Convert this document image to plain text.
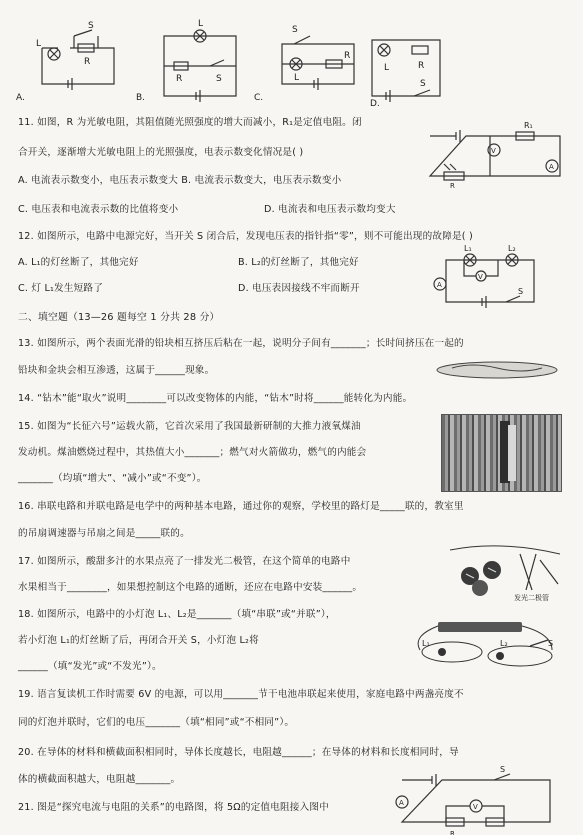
S
L
R
A.
L
R	S
B.
S
L
R
C.
L	R
S
D.
11. 如图，R 为光敏电阻，其阻值随光照强度的增大而减小，R₁是定值电阻。闭
合开关，逐渐增大光敏电阻上的光照强度，电表示数变化情况是( )
A. 电流表示数变小，电压表示数变大 B. 电流表示数变大，电压表示数变小
C. 电压表和电流表示数的比值将变小	D. 电流表和电压表示数均变大
R₁
V
R
A
12. 如图所示，电路中电源完好，当开关 S 闭合后，发现电压表的指针指“零”，则不可能出现的故障是( )
A. L₁的灯丝断了，其他完好	B. L₂的灯丝断了，其他完好
C. 灯 L₁发生短路了	D. 电压表因接线不牢而断开
L₁	L₂
V
A
S
二、填空题（13—26 题每空 1 分共 28 分）
13. 如图所示，两个表面光滑的铅块相互挤压后粘在一起，说明分子间有_______；长时间挤压在一起的
铅块和金块会相互渗透，这属于______现象。
14. “钻木”能“取火”说明________可以改变物体的内能，“钻木”时将______能转化为内能。
15. 如图为“长征六号”运载火箭，它首次采用了我国最新研制的大推力液氧煤油
发动机。煤油燃烧过程中，其热值大小_______；燃气对火箭做功，燃气的内能会
_______（均填“增大”、“减小”或“不变”）。
16. 串联电路和并联电路是电学中的两种基本电路，通过你的观察，学校里的路灯是_____联的，教室里
的吊扇调速器与吊扇之间是_____联的。
17. 如图所示，酸甜多汁的水果点亮了一排发光二极管，在这个简单的电路中
水果相当于________，如果想控制这个电路的通断，还应在电路中安装______。
发光二极管
18. 如图所示，电路中的小灯泡 L₁、L₂是_______（填“串联”或“并联”），
若小灯泡 L₁的灯丝断了后，再闭合开关 S，小灯泡 L₂将
______（填“发光”或“不发光”）。
L₁	L₂	S
19. 语言复读机工作时需要 6V 的电源，可以用_______节干电池串联起来使用，家庭电路中两盏亮度不
同的灯泡并联时，它们的电压_______（填“相同”或“不相同”）。
20. 在导体的材料和横截面积相同时，导体长度越长，电阻越______；在导体的材料和长度相同时，导
体的横截面积越大，电阻越_______。
21. 图是“探究电流与电阻的关系”的电路图，将 5Ω的定值电阻接入图中	A	V
S
R
